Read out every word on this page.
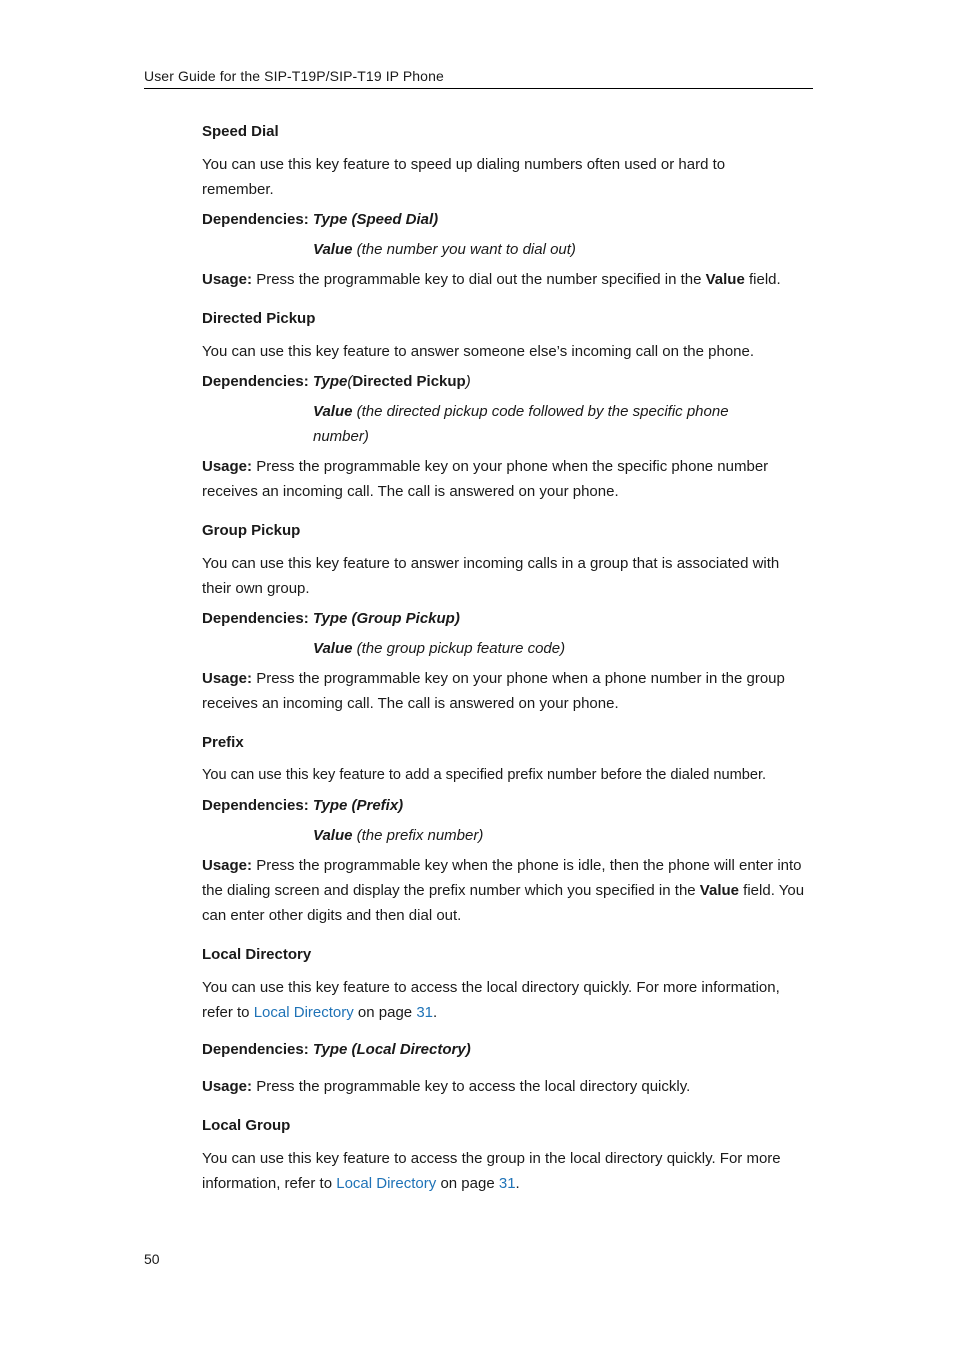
User Guide for the SIP-T19P/SIP-T19 IP Phone

Speed Dial

You can use this key feature to speed up dialing numbers often used or hard to remember.

Dependencies: Type (Speed Dial)

Value (the number you want to dial out)

Usage: Press the programmable key to dial out the number specified in the Value field.

Directed Pickup

You can use this key feature to answer someone else’s incoming call on the phone.

Dependencies: Type(Directed Pickup)

Value (the directed pickup code followed by the specific phone number)

Usage: Press the programmable key on your phone when the specific phone number receives an incoming call. The call is answered on your phone.

Group Pickup

You can use this key feature to answer incoming calls in a group that is associated with their own group.

Dependencies: Type (Group Pickup)

Value (the group pickup feature code)

Usage: Press the programmable key on your phone when a phone number in the group receives an incoming call. The call is answered on your phone.

Prefix

You can use this key feature to add a specified prefix number before the dialed number.

Dependencies: Type (Prefix)

Value (the prefix number)

Usage: Press the programmable key when the phone is idle, then the phone will enter into the dialing screen and display the prefix number which you specified in the Value field. You can enter other digits and then dial out.

Local Directory

You can use this key feature to access the local directory quickly. For more information, refer to Local Directory on page 31.

Dependencies: Type (Local Directory)

Usage: Press the programmable key to access the local directory quickly.

Local Group

You can use this key feature to access the group in the local directory quickly. For more information, refer to Local Directory on page 31.

50
